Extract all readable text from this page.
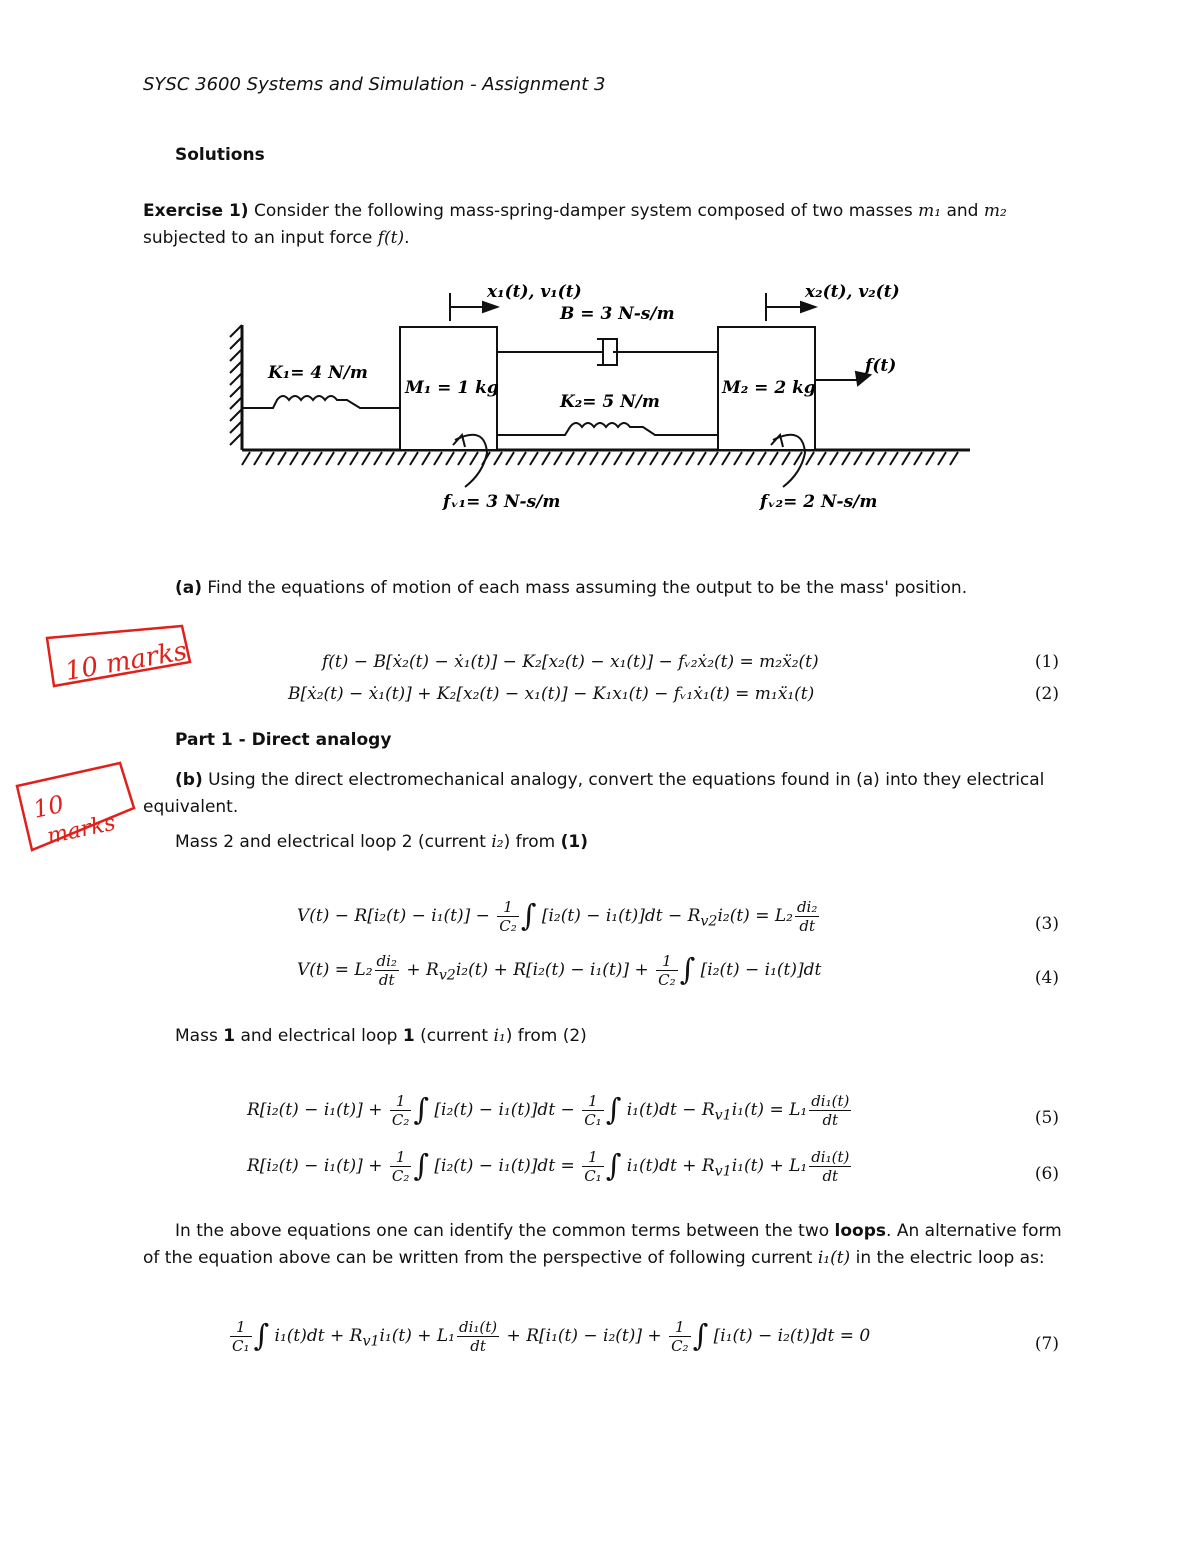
SYSC 3600 Systems and Simulation - Assignment 3
Solutions
Exercise 1) Consider the following mass-spring-damper system composed of two masses m₁ and m₂
subjected to an input force f(t).
x₁(t), v₁(t)	x₂(t), v₂(t)
B = 3 N-s/m
K₁= 4 N/m
M₁ = 1 kg
K₂= 5 N/m
M₂ = 2 kg
f(t)
fᵥ₁= 3 N-s/m	fᵥ₂= 2 N-s/m
(a) Find the equations of motion of each mass assuming the output to be the mass' position.
10 marks	f(t) − B[ẋ₂(t) − ẋ₁(t)] − K₂[x₂(t) − x₁(t)] − fᵥ₂ẋ₂(t) = m₂ẍ₂(t)	(1)
B[ẋ₂(t) − ẋ₁(t)] + K₂[x₂(t) − x₁(t)] − K₁x₁(t) − fᵥ₁ẋ₁(t) = m₁ẍ₁(t)	(2)
Part 1 - Direct analogy
10
marks
(b) Using the direct electromechanical analogy, convert the equations found in (a) into they electrical equivalent.
Mass 2 and electrical loop 2 (current i₂) from (1)
$V(t) - R[i_2(t) - i_1(t)] - \frac{1}{\text{C₂}}$ ∫ $[i_2(t) - i_1(t)]dt - R_{v2}i_2(t) = L_2 \frac{\text{di₂}}{dt}$	(3)
$V(t) = L_2 \frac{\text{di₂}}{dt} + R_{v2}i_2(t) + R[i_2(t) - i_1(t)] + \frac{1}{\text{C₂}}$ ∫ [i₂(t) − i₁(t)]dt	(4)
Mass 1 and electrical loop 1 (current i₁) from (2)
$R[i_2(t) - i_1(t)] + \frac{1}{\text{C₂}}$ ∫ $[i_2(t) - i_1(t)]dt - \frac{1}{\text{C₁}}$ ∫ $i_1(t)dt - R_{v1}i_1(t) = L_1 \frac{\text{di₁(t)}}{dt}$	(5)
$R[i_2(t) - i_1(t)] + \frac{1}{\text{C₂}}$ ∫ $[i_2(t) - i_1(t)]dt = \frac{1}{\text{C₁}}$ ∫ $i_1(t)dt + R_{v1}i_1(t) + L_1 \frac{\text{di₁(t)}}{dt}$	(6)
In the above equations one can identify the common terms between the two loops. An alternative form of the equation above can be written from the perspective of following current i₁(t) in the electric loop as:
$\frac{1}{\text{C₁}}$ ∫ $i_1(t)dt + R_{v1}i_1(t) + L_1 \frac{\text{di₁(t)}}{dt} + R[i_1(t) - i_2(t)] + \frac{1}{\text{C₂}}$ ∫ [i₁(t) − i₂(t)]dt = 0	(7)
